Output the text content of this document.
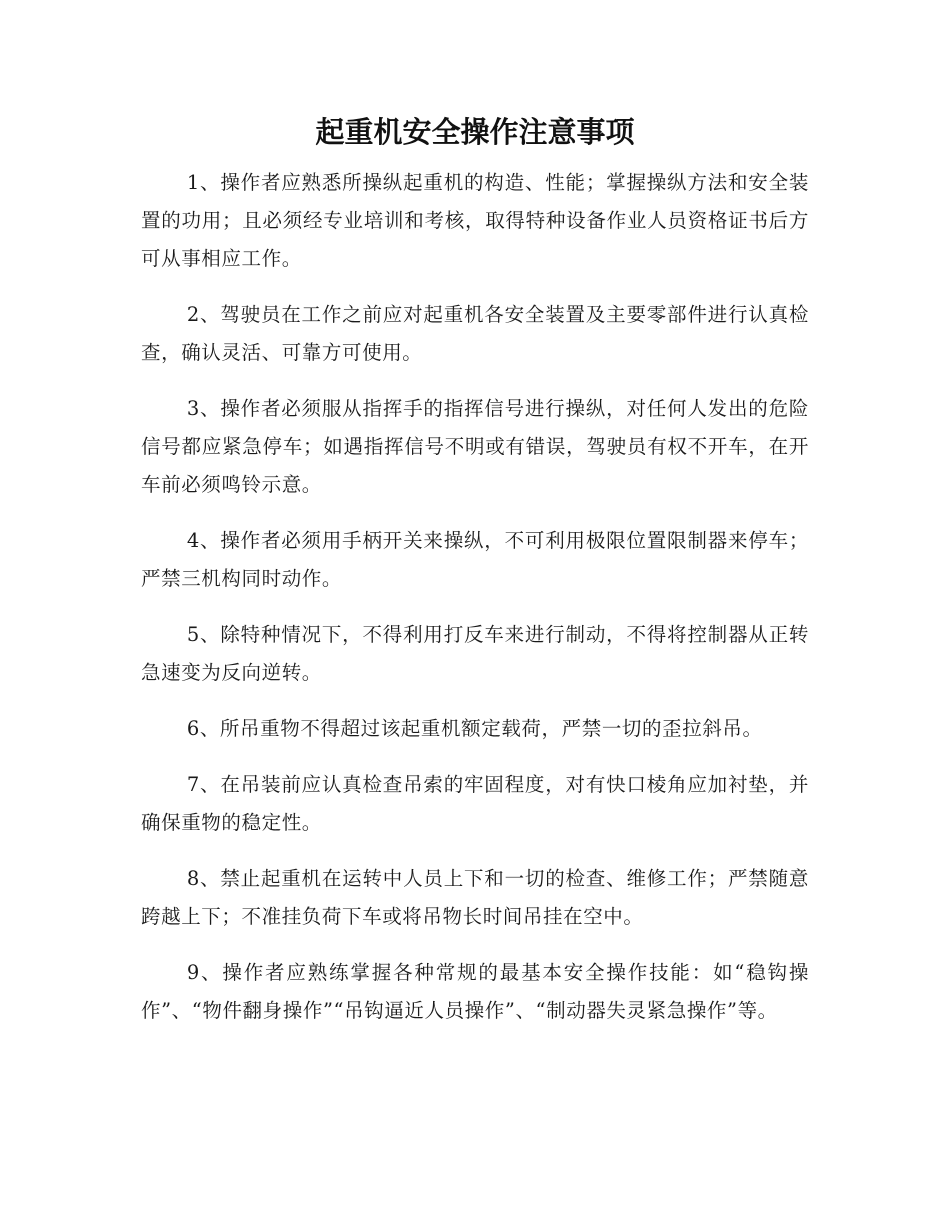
起重机安全操作注意事项

1、操作者应熟悉所操纵起重机的构造、性能；掌握操纵方法和安全装置的功用；且必须经专业培训和考核，取得特种设备作业人员资格证书后方可从事相应工作。

2、驾驶员在工作之前应对起重机各安全装置及主要零部件进行认真检查，确认灵活、可靠方可使用。

3、操作者必须服从指挥手的指挥信号进行操纵，对任何人发出的危险信号都应紧急停车；如遇指挥信号不明或有错误，驾驶员有权不开车，在开车前必须鸣铃示意。

4、操作者必须用手柄开关来操纵，不可利用极限位置限制器来停车；严禁三机构同时动作。

5、除特种情况下，不得利用打反车来进行制动，不得将控制器从正转急速变为反向逆转。

6、所吊重物不得超过该起重机额定载荷，严禁一切的歪拉斜吊。

7、在吊装前应认真检查吊索的牢固程度，对有快口棱角应加衬垫，并确保重物的稳定性。

8、禁止起重机在运转中人员上下和一切的检查、维修工作；严禁随意跨越上下；不准挂负荷下车或将吊物长时间吊挂在空中。

9、操作者应熟练掌握各种常规的最基本安全操作技能：如“稳钩操作”、“物件翻身操作”“吊钩逼近人员操作”、“制动器失灵紧急操作”等。
